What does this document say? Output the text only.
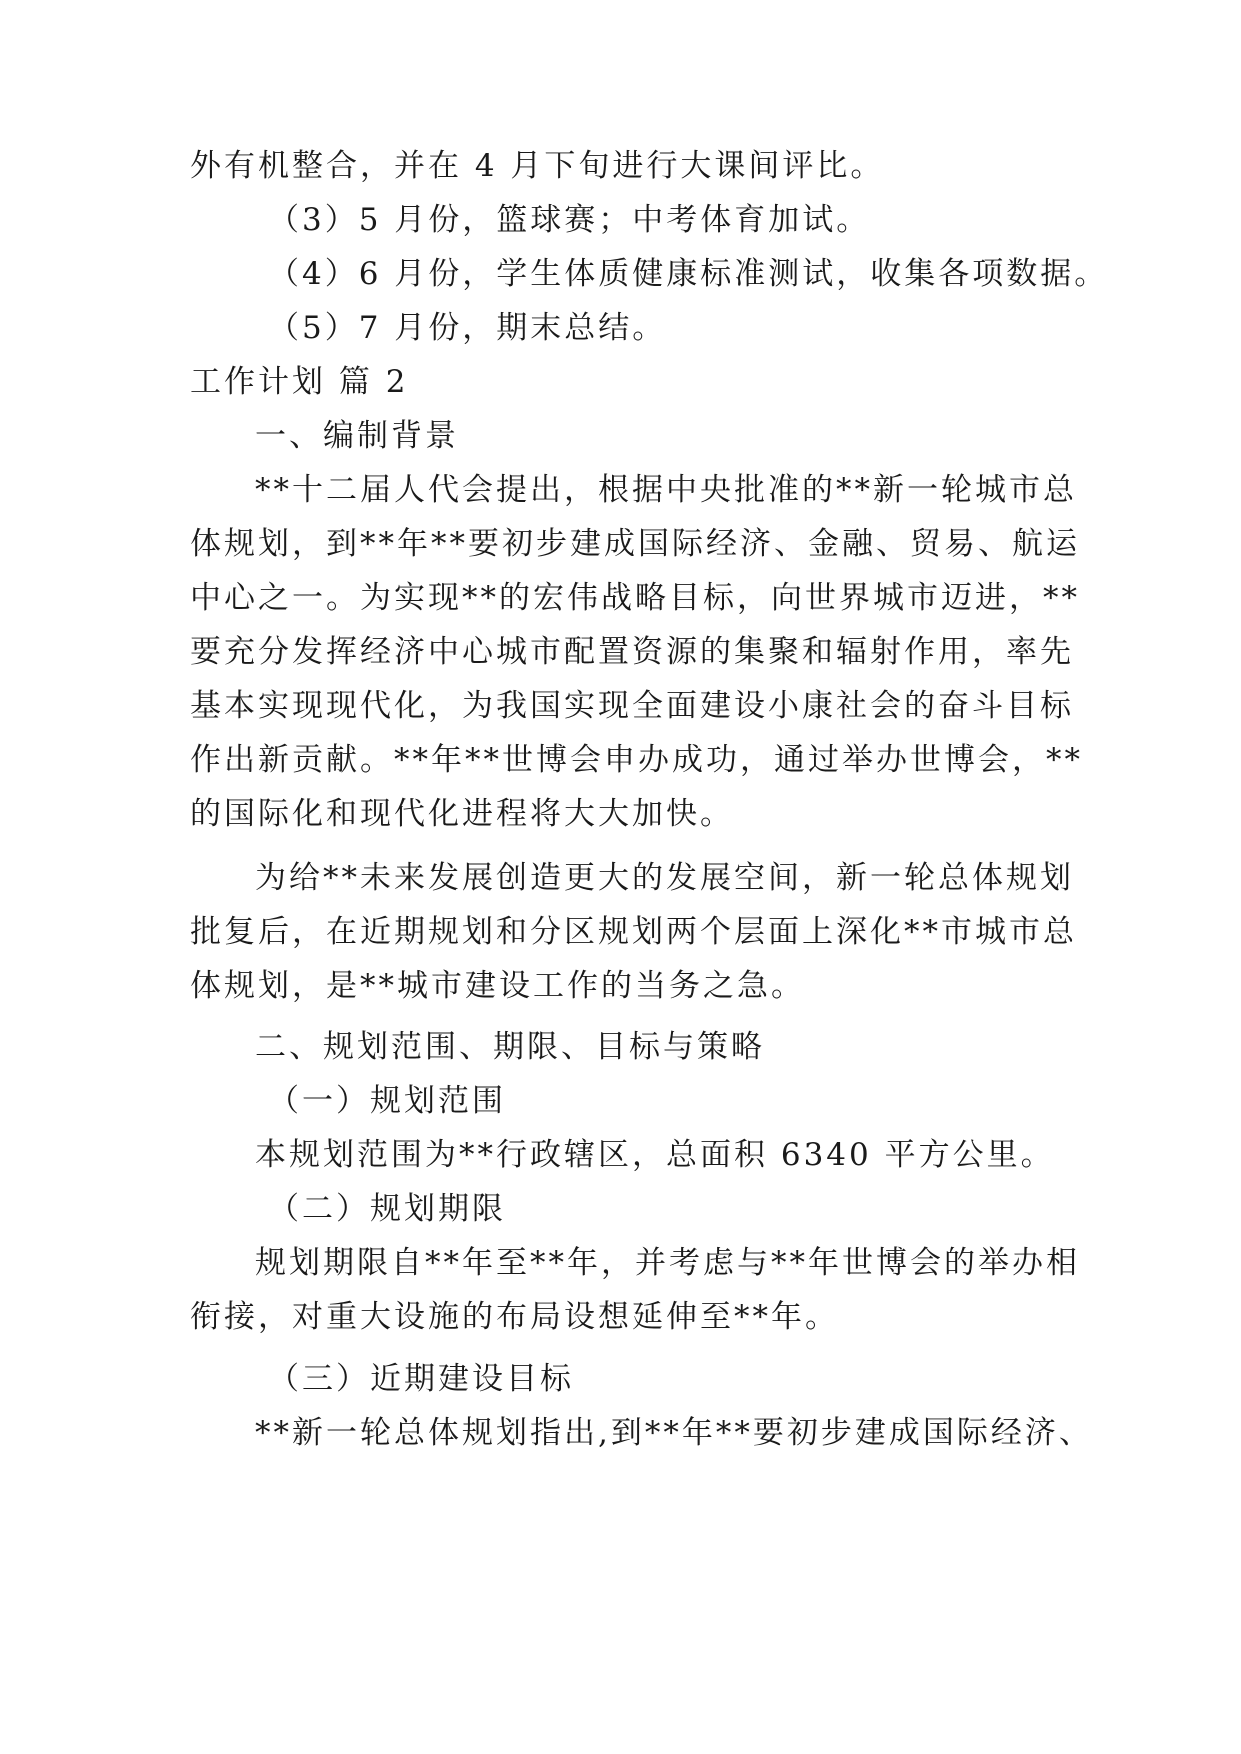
外有机整合，并在 4 月下旬进行大课间评比。
（3）5 月份，篮球赛；中考体育加试。
（4）6 月份，学生体质健康标准测试，收集各项数据。
（5）7 月份，期末总结。
工作计划 篇 2
一、编制背景
**十二届人代会提出，根据中央批准的**新一轮城市总
体规划，到**年**要初步建成国际经济、金融、贸易、航运
中心之一。为实现**的宏伟战略目标，向世界城市迈进，**
要充分发挥经济中心城市配置资源的集聚和辐射作用，率先
基本实现现代化，为我国实现全面建设小康社会的奋斗目标
作出新贡献。**年**世博会申办成功，通过举办世博会，**
的国际化和现代化进程将大大加快。
为给**未来发展创造更大的发展空间，新一轮总体规划
批复后，在近期规划和分区规划两个层面上深化**市城市总
体规划，是**城市建设工作的当务之急。
二、规划范围、期限、目标与策略
（一）规划范围
本规划范围为**行政辖区，总面积 6340 平方公里。
（二）规划期限
规划期限自**年至**年，并考虑与**年世博会的举办相
衔接，对重大设施的布局设想延伸至**年。
（三）近期建设目标
**新一轮总体规划指出,到**年**要初步建成国际经济、
